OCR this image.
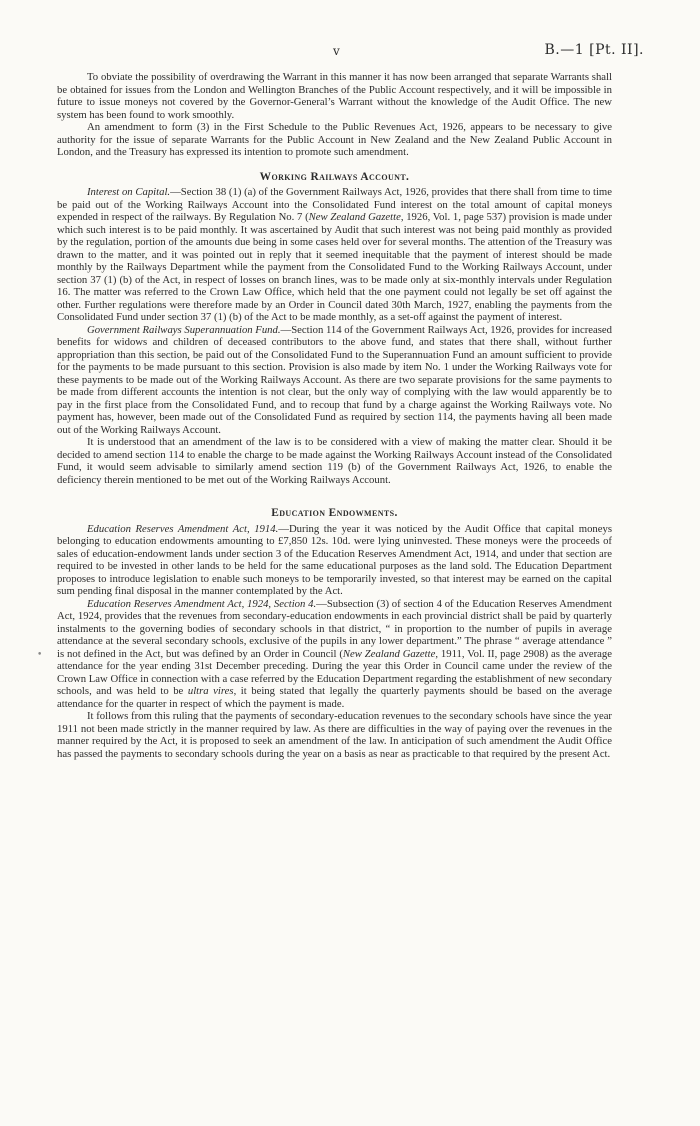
v	B.—1 [Pt. II].

To obviate the possibility of overdrawing the Warrant in this manner it has now been arranged that separate Warrants shall be obtained for issues from the London and Wellington Branches of the Public Account respectively, and it will be impossible in future to issue moneys not covered by the Governor-General’s Warrant without the knowledge of the Audit Office. The new system has been found to work smoothly.

An amendment to form (3) in the First Schedule to the Public Revenues Act, 1926, appears to be necessary to give authority for the issue of separate Warrants for the Public Account in New Zealand and the New Zealand Public Account in London, and the Treasury has expressed its intention to promote such amendment.

Working Railways Account.

Interest on Capital.—Section 38 (1) (a) of the Government Railways Act, 1926, provides that there shall from time to time be paid out of the Working Railways Account into the Consolidated Fund interest on the total amount of capital moneys expended in respect of the railways. By Regulation No. 7 (New Zealand Gazette, 1926, Vol. 1, page 537) provision is made under which such interest is to be paid monthly. It was ascertained by Audit that such interest was not being paid monthly as provided by the regulation, portion of the amounts due being in some cases held over for several months. The attention of the Treasury was drawn to the matter, and it was pointed out in reply that it seemed inequitable that the payment of interest should be made monthly by the Railways Department while the payment from the Consolidated Fund to the Working Railways Account, under section 37 (1) (b) of the Act, in respect of losses on branch lines, was to be made only at six-monthly intervals under Regulation 16. The matter was referred to the Crown Law Office, which held that the one payment could not legally be set off against the other. Further regulations were therefore made by an Order in Council dated 30th March, 1927, enabling the payments from the Consolidated Fund under section 37 (1) (b) of the Act to be made monthly, as a set-off against the payment of interest.

Government Railways Superannuation Fund.—Section 114 of the Government Railways Act, 1926, provides for increased benefits for widows and children of deceased contributors to the above fund, and states that there shall, without further appropriation than this section, be paid out of the Consolidated Fund to the Superannuation Fund an amount sufficient to provide for the payments to be made pursuant to this section. Provision is also made by item No. 1 under the Working Railways vote for these payments to be made out of the Working Railways Account. As there are two separate provisions for the same payments to be made from different accounts the intention is not clear, but the only way of complying with the law would apparently be to pay in the first place from the Consolidated Fund, and to recoup that fund by a charge against the Working Railways vote. No payment has, however, been made out of the Consolidated Fund as required by section 114, the payments having all been made out of the Working Railways Account.

It is understood that an amendment of the law is to be considered with a view of making the matter clear. Should it be decided to amend section 114 to enable the charge to be made against the Working Railways Account instead of the Consolidated Fund, it would seem advisable to similarly amend section 119 (b) of the Government Railways Act, 1926, to enable the deficiency therein mentioned to be met out of the Working Railways Account.

Education Endowments.

Education Reserves Amendment Act, 1914.—During the year it was noticed by the Audit Office that capital moneys belonging to education endowments amounting to £7,850 12s. 10d. were lying uninvested. These moneys were the proceeds of sales of education-endowment lands under section 3 of the Education Reserves Amendment Act, 1914, and under that section are required to be invested in other lands to be held for the same educational purposes as the land sold. The Education Department proposes to introduce legislation to enable such moneys to be temporarily invested, so that interest may be earned on the capital sum pending final disposal in the manner contemplated by the Act.

Education Reserves Amendment Act, 1924, Section 4.—Subsection (3) of section 4 of the Education Reserves Amendment Act, 1924, provides that the revenues from secondary-education endowments in each provincial district shall be paid by quarterly instalments to the governing bodies of secondary schools in that district, “ in proportion to the number of pupils in average attendance at the several secondary schools, exclusive of the pupils in any lower department.” The phrase “ average attendance ” is not defined in the Act, but was defined by an Order in Council (New Zealand Gazette, 1911, Vol. II, page 2908) as the average attendance for the year ending 31st December preceding. During the year this Order in Council came under the review of the Crown Law Office in connection with a case referred by the Education Department regarding the establishment of new secondary schools, and was held to be ultra vires, it being stated that legally the quarterly payments should be based on the average attendance for the quarter in respect of which the payment is made.

It follows from this ruling that the payments of secondary-education revenues to the secondary schools have since the year 1911 not been made strictly in the manner required by law. As there are difficulties in the way of paying over the revenues in the manner required by the Act, it is proposed to seek an amendment of the law. In anticipation of such amendment the Audit Office has passed the payments to secondary schools during the year on a basis as near as practicable to that required by the present Act.

•
